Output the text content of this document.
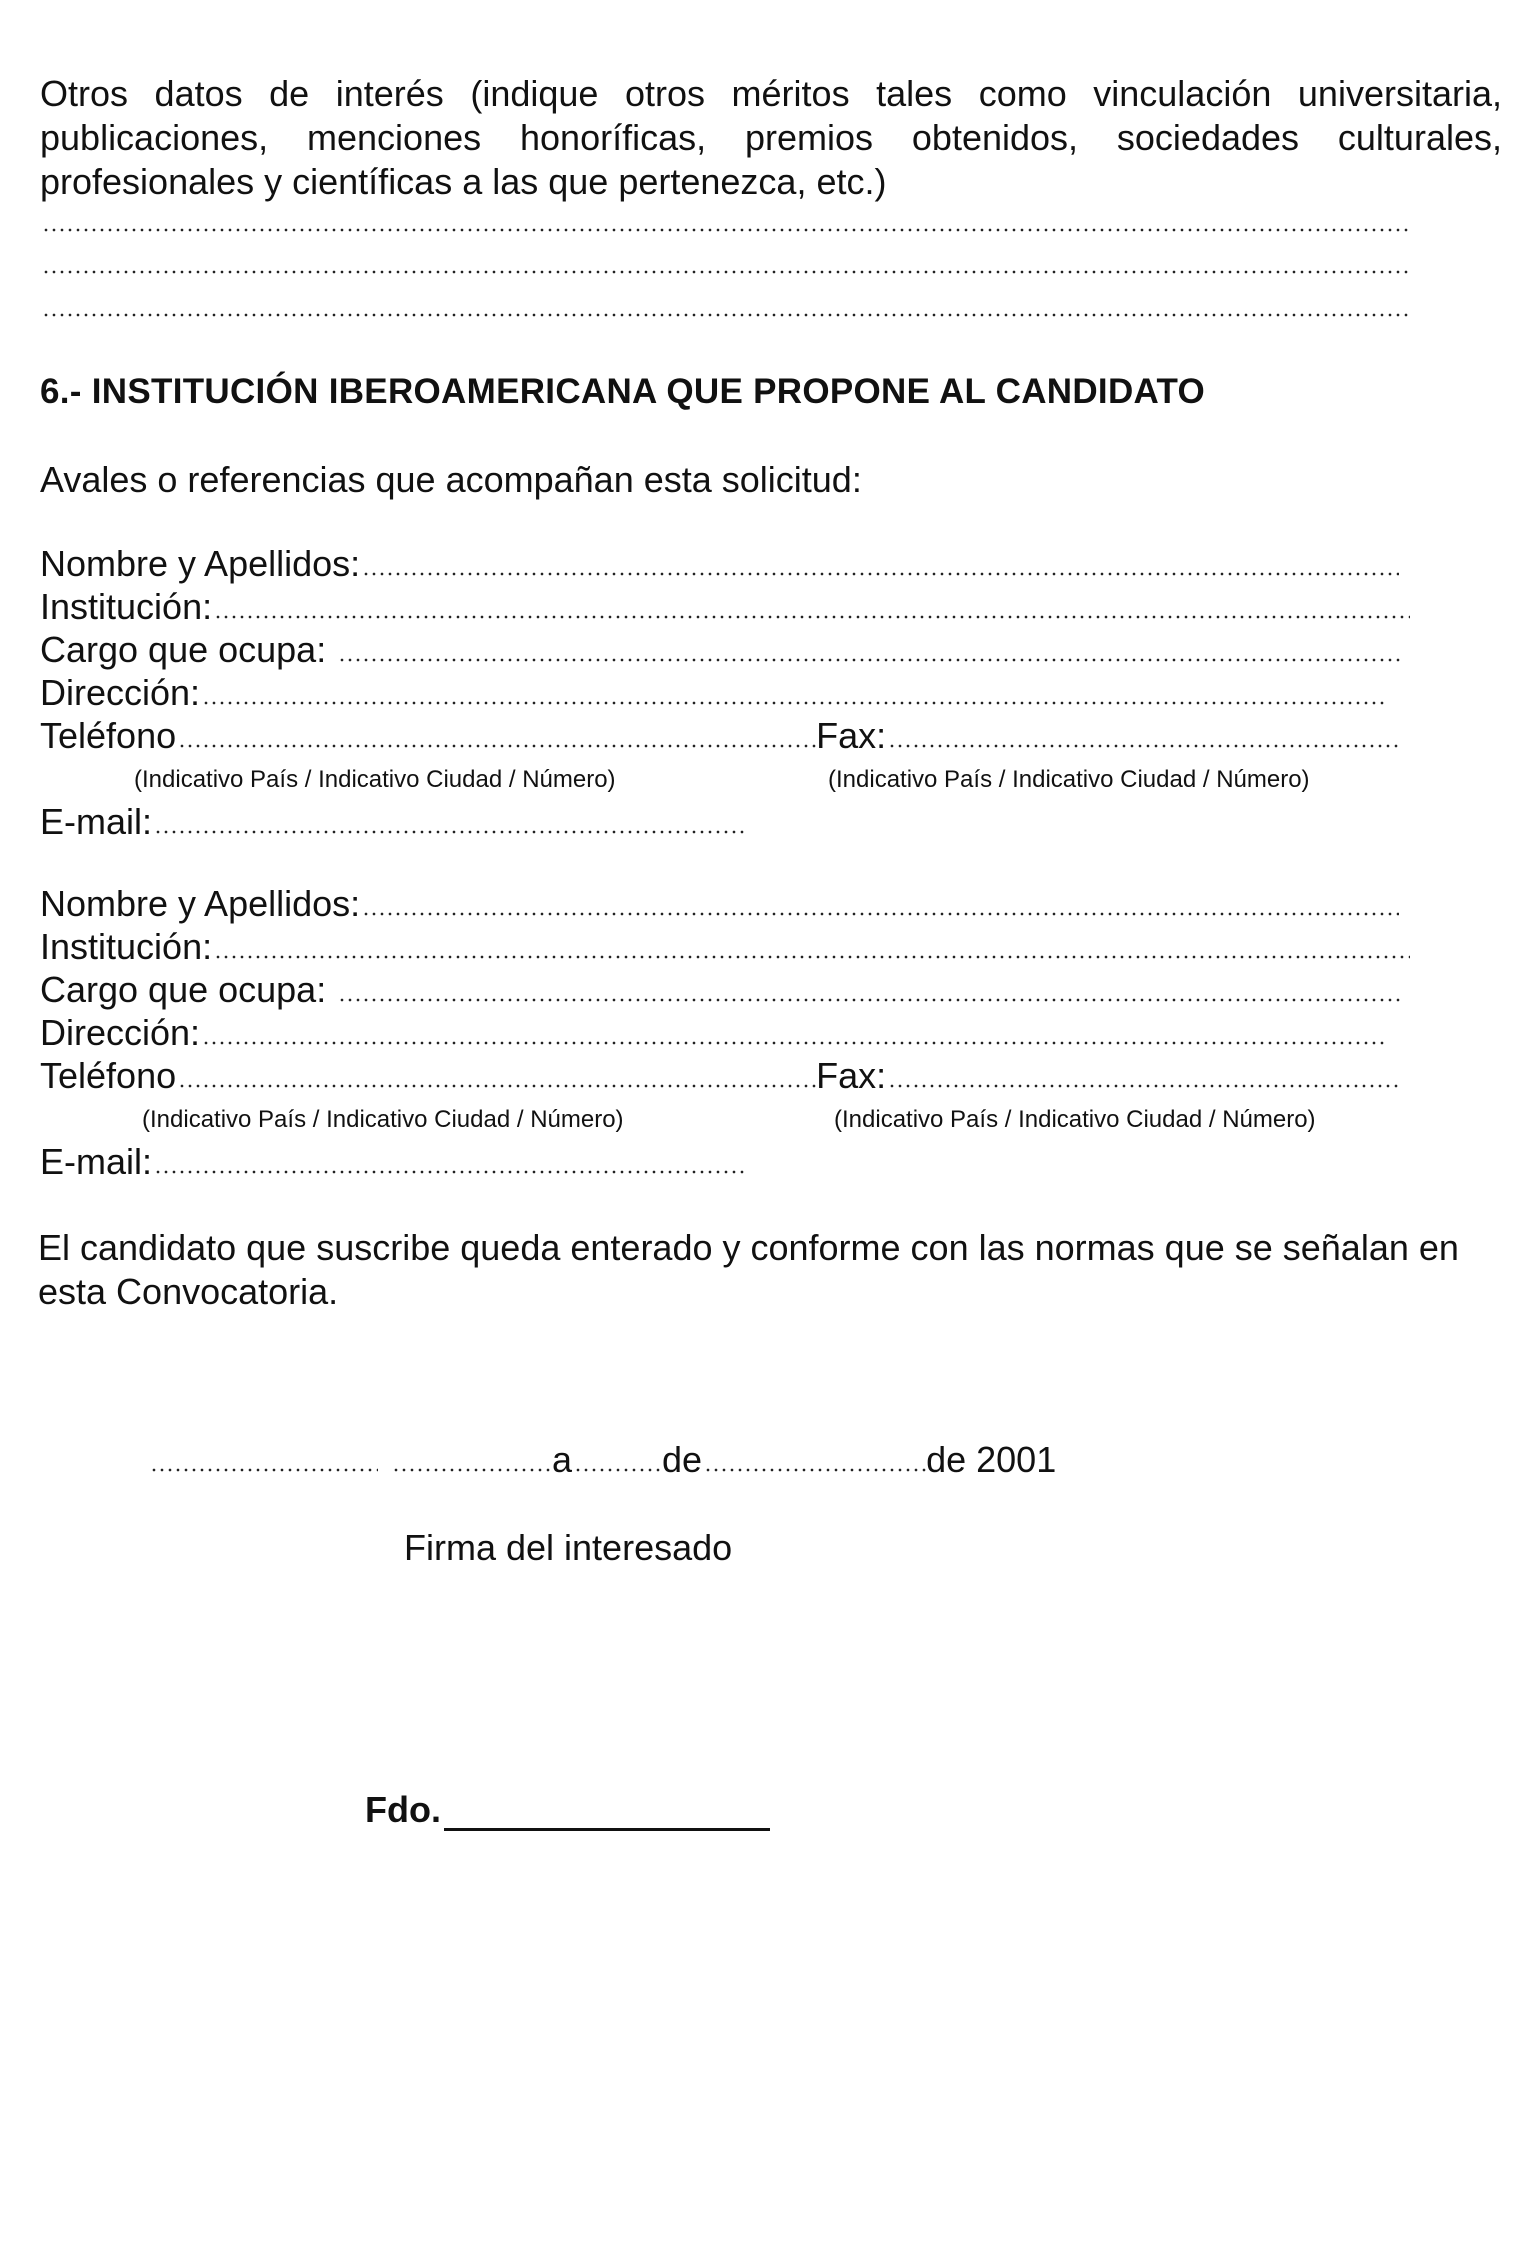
Otros datos de interés (indique otros méritos tales como vinculación universitaria, publicaciones, menciones honoríficas, premios obtenidos, sociedades culturales, profesionales y científicas a las que pertenezca, etc.)
6.- INSTITUCIÓN IBEROAMERICANA QUE PROPONE AL CANDIDATO
Avales o referencias que acompañan esta solicitud:
Nombre y Apellidos:
Institución:
Cargo que ocupa:
Dirección:
Teléfono	Fax:
(Indicativo País / Indicativo Ciudad / Número)	(Indicativo País / Indicativo Ciudad / Número)
E-mail:
Nombre y Apellidos:
Institución:
Cargo que ocupa:
Dirección:
Teléfono	Fax:
(Indicativo País / Indicativo Ciudad / Número)	(Indicativo País / Indicativo Ciudad / Número)
E-mail:
El candidato que suscribe queda enterado y conforme con las normas que se señalan en
esta Convocatoria.
a	de	de 2001
Firma del interesado
Fdo.
